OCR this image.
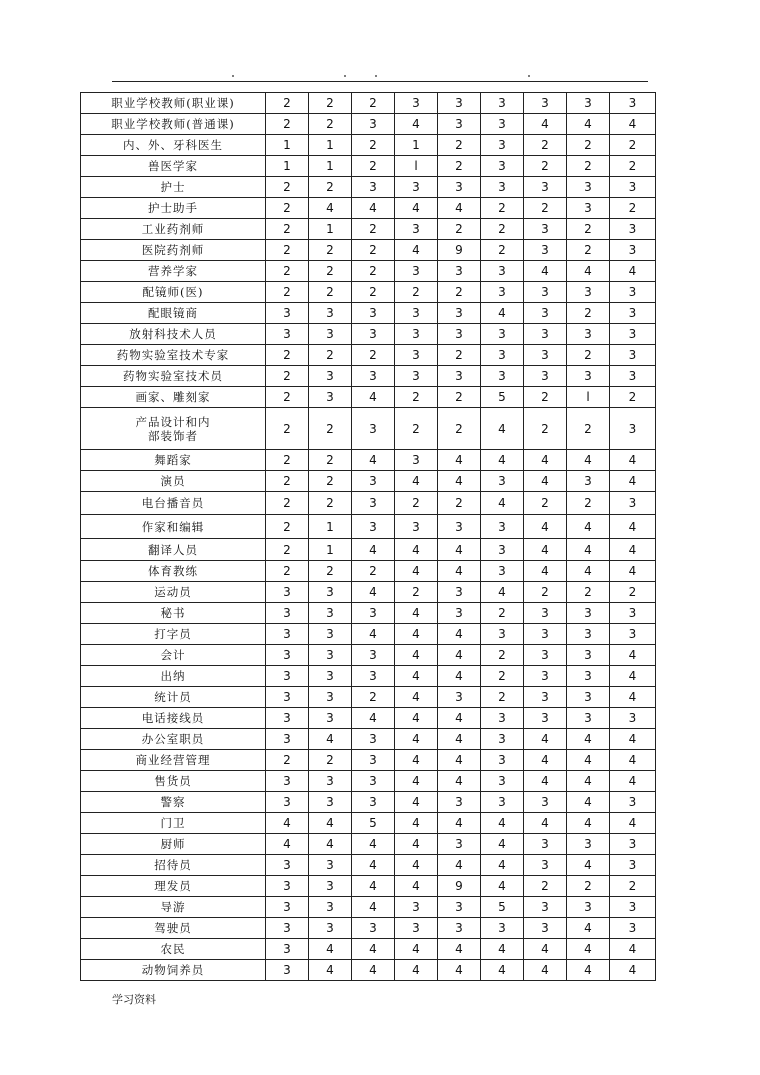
职业学校教师(职业课)	2	2	2	3	3	3	3	3	3
职业学校教师(普通课)	2	2	3	4	3	3	4	4	4
内、外、牙科医生	1	1	2	1	2	3	2	2	2
兽医学家	1	1	2	l	2	3	2	2	2
护士	2	2	3	3	3	3	3	3	3
护士助手	2	4	4	4	4	2	2	3	2
工业药剂师	2	1	2	3	2	2	3	2	3
医院药剂师	2	2	2	4	9	2	3	2	3
营养学家	2	2	2	3	3	3	4	4	4
配镜师(医)	2	2	2	2	2	3	3	3	3
配眼镜商	3	3	3	3	3	4	3	2	3
放射科技术人员	3	3	3	3	3	3	3	3	3
药物实验室技术专家	2	2	2	3	2	3	3	2	3
药物实验室技术员	2	3	3	3	3	3	3	3	3
画家、雕刻家	2	3	4	2	2	5	2	l	2

产品设计和内
部装饰者	2	2	3	2	2	4	2	2	3
舞蹈家	2	2	4	3	4	4	4	4	4
演员	2	2	3	4	4	3	4	3	4
电台播音员	2	2	3	2	2	4	2	2	3
作家和编辑	2	1	3	3	3	3	4	4	4
翻译人员	2	1	4	4	4	3	4	4	4
体育教练	2	2	2	4	4	3	4	4	4
运动员	3	3	4	2	3	4	2	2	2
秘书	3	3	3	4	3	2	3	3	3
打字员	3	3	4	4	4	3	3	3	3
会计	3	3	3	4	4	2	3	3	4
出纳	3	3	3	4	4	2	3	3	4
统计员	3	3	2	4	3	2	3	3	4
电话接线员	3	3	4	4	4	3	3	3	3
办公室职员	3	4	3	4	4	3	4	4	4
商业经营管理	2	2	3	4	4	3	4	4	4
售货员	3	3	3	4	4	3	4	4	4
警察	3	3	3	4	3	3	3	4	3
门卫	4	4	5	4	4	4	4	4	4
厨师	4	4	4	4	3	4	3	3	3
招待员	3	3	4	4	4	4	3	4	3
理发员	3	3	4	4	9	4	2	2	2
导游	3	3	4	3	3	5	3	3	3
驾驶员	3	3	3	3	3	3	3	4	3
农民	3	4	4	4	4	4	4	4	4
动物饲养员	3	4	4	4	4	4	4	4	4
学习资料
